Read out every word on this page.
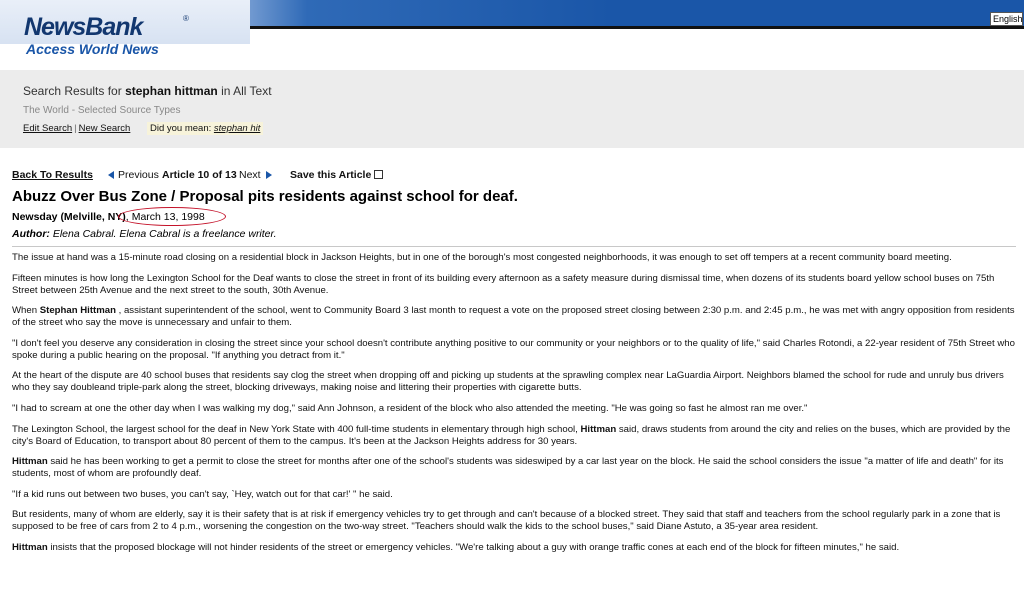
NewsBank	®
Access World News
English
Search Results for stephan hittman in All Text
The World - Selected Source Types
Edit Search | New Search	Did you mean: stephan hit
Back To Results Previous Article 10 of 13 Next	Save this Article
Abuzz Over Bus Zone / Proposal pits residents against school for deaf.
Newsday (Melville, NY), March 13, 1998
Author: Elena Cabral. Elena Cabral is a freelance writer.

The issue at hand was a 15-minute road closing on a residential block in Jackson Heights, but in one of the borough's most congested neighborhoods, it was enough to set off tempers at a recent community board meeting.

Fifteen minutes is how long the Lexington School for the Deaf wants to close the street in front of its building every afternoon as a safety measure during dismissal time, when dozens of its students board yellow school buses on 75th Street between 25th Avenue and the next street to the south, 30th Avenue.

When Stephan Hittman , assistant superintendent of the school, went to Community Board 3 last month to request a vote on the proposed street closing between 2:30 p.m. and 2:45 p.m., he was met with angry opposition from residents of the street who say the move is unnecessary and unfair to them.

"I don't feel you deserve any consideration in closing the street since your school doesn't contribute anything positive to our community or your neighbors or to the quality of life," said Charles Rotondi, a 22-year resident of 75th Street who spoke during a public hearing on the proposal. "If anything you detract from it."

At the heart of the dispute are 40 school buses that residents say clog the street when dropping off and picking up students at the sprawling complex near LaGuardia Airport. Neighbors blamed the school for rude and unruly bus drivers who they say doubleand triple-park along the street, blocking driveways, making noise and littering their properties with cigarette butts.

"I had to scream at one the other day when I was walking my dog," said Ann Johnson, a resident of the block who also attended the meeting. "He was going so fast he almost ran me over."

The Lexington School, the largest school for the deaf in New York State with 400 full-time students in elementary through high school, Hittman said, draws students from around the city and relies on the buses, which are provided by the city's Board of Education, to transport about 80 percent of them to the campus. It's been at the Jackson Heights address for 30 years.

Hittman said he has been working to get a permit to close the street for months after one of the school's students was sideswiped by a car last year on the block. He said the school considers the issue "a matter of life and death" for its students, most of whom are profoundly deaf.

"If a kid runs out between two buses, you can't say, `Hey, watch out for that car!' " he said.

But residents, many of whom are elderly, say it is their safety that is at risk if emergency vehicles try to get through and can't because of a blocked street. They said that staff and teachers from the school regularly park in a zone that is supposed to be free of cars from 2 to 4 p.m., worsening the congestion on the two-way street. "Teachers should walk the kids to the school buses," said Diane Astuto, a 35-year area resident.

Hittman insists that the proposed blockage will not hinder residents of the street or emergency vehicles. "We're talking about a guy with orange traffic cones at each end of the block for fifteen minutes," he said.
